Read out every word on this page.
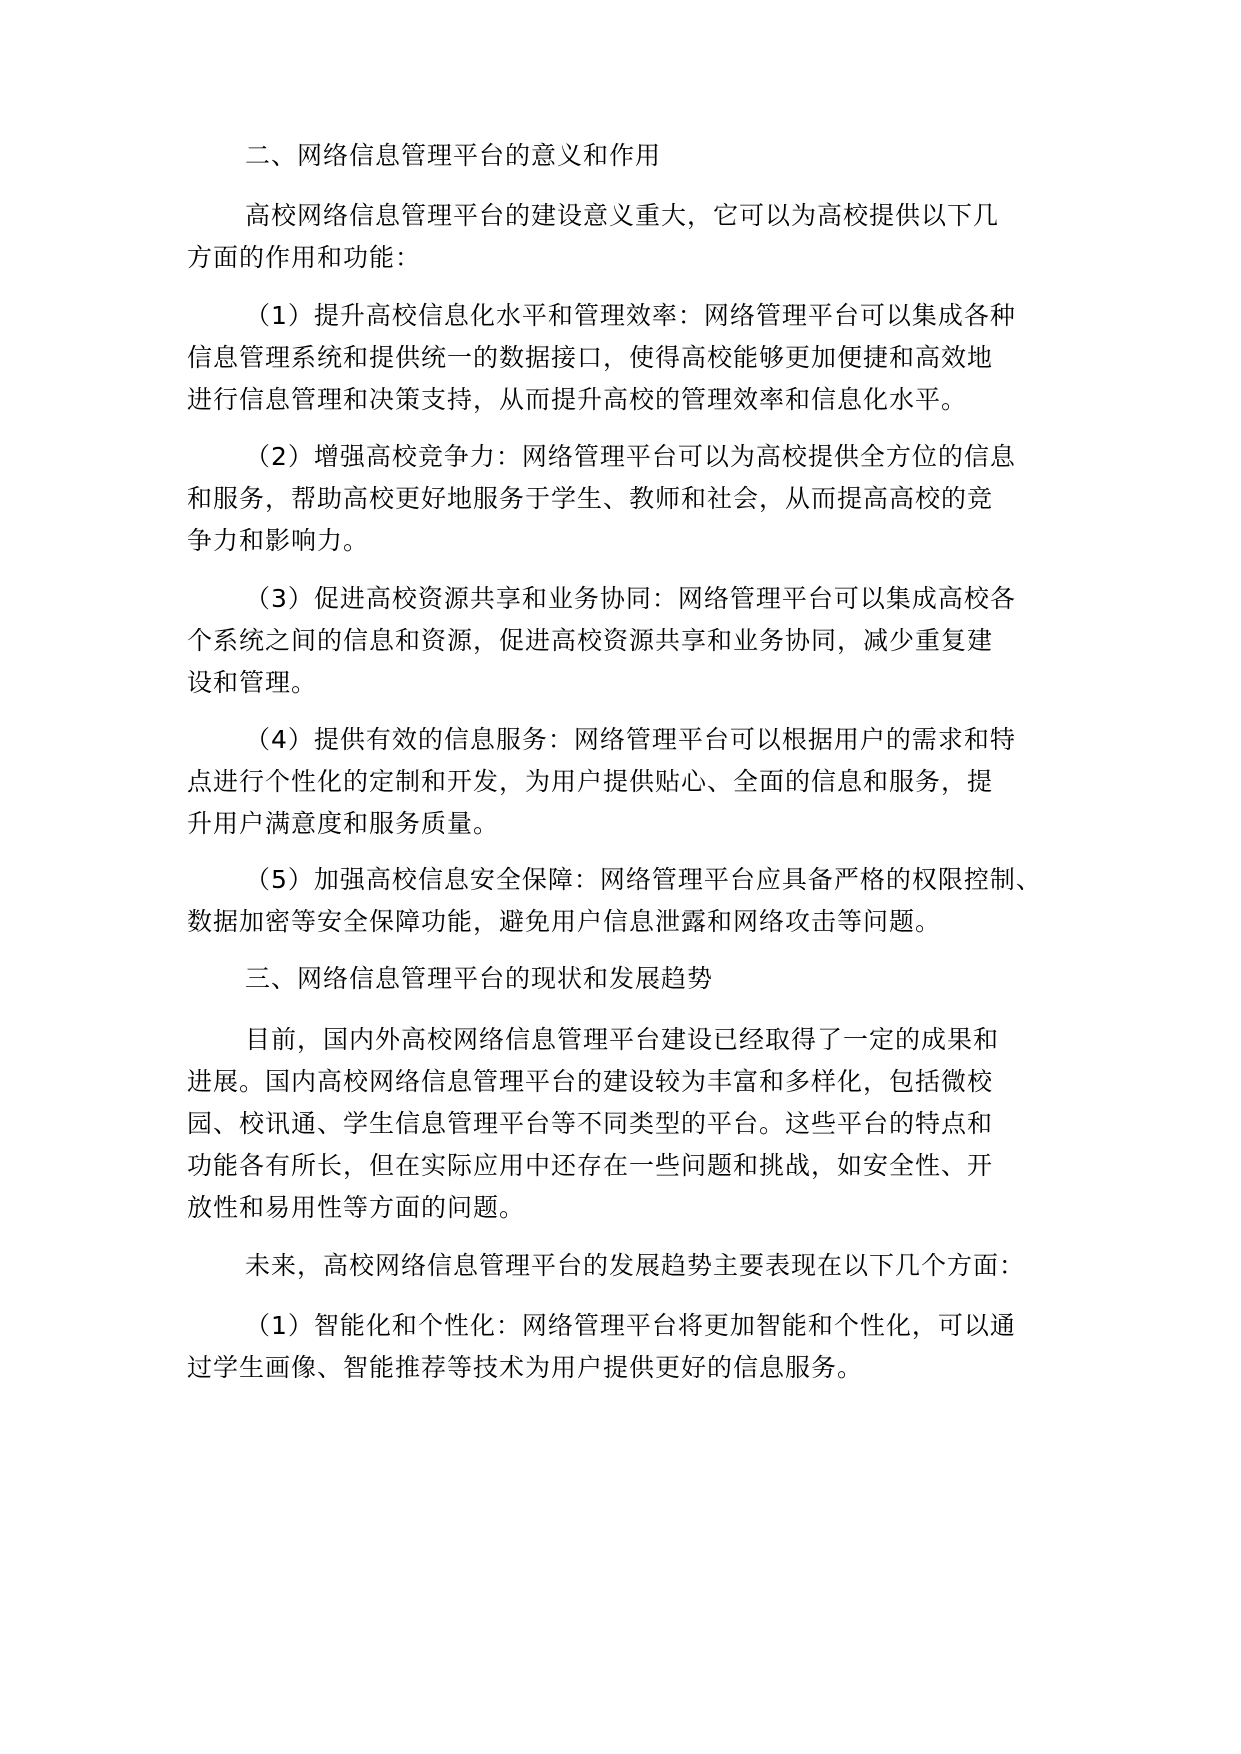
二、网络信息管理平台的意义和作用
高校网络信息管理平台的建设意义重大，它可以为高校提供以下几
方面的作用和功能：
（1）提升高校信息化水平和管理效率：网络管理平台可以集成各种
信息管理系统和提供统一的数据接口，使得高校能够更加便捷和高效地
进行信息管理和决策支持，从而提升高校的管理效率和信息化水平。
（2）增强高校竞争力：网络管理平台可以为高校提供全方位的信息
和服务，帮助高校更好地服务于学生、教师和社会，从而提高高校的竞
争力和影响力。
（3）促进高校资源共享和业务协同：网络管理平台可以集成高校各
个系统之间的信息和资源，促进高校资源共享和业务协同，减少重复建
设和管理。
（4）提供有效的信息服务：网络管理平台可以根据用户的需求和特
点进行个性化的定制和开发，为用户提供贴心、全面的信息和服务，提
升用户满意度和服务质量。
（5）加强高校信息安全保障：网络管理平台应具备严格的权限控制、
数据加密等安全保障功能，避免用户信息泄露和网络攻击等问题。
三、网络信息管理平台的现状和发展趋势
目前，国内外高校网络信息管理平台建设已经取得了一定的成果和
进展。国内高校网络信息管理平台的建设较为丰富和多样化，包括微校
园、校讯通、学生信息管理平台等不同类型的平台。这些平台的特点和
功能各有所长，但在实际应用中还存在一些问题和挑战，如安全性、开
放性和易用性等方面的问题。
未来，高校网络信息管理平台的发展趋势主要表现在以下几个方面：
（1）智能化和个性化：网络管理平台将更加智能和个性化，可以通
过学生画像、智能推荐等技术为用户提供更好的信息服务。
